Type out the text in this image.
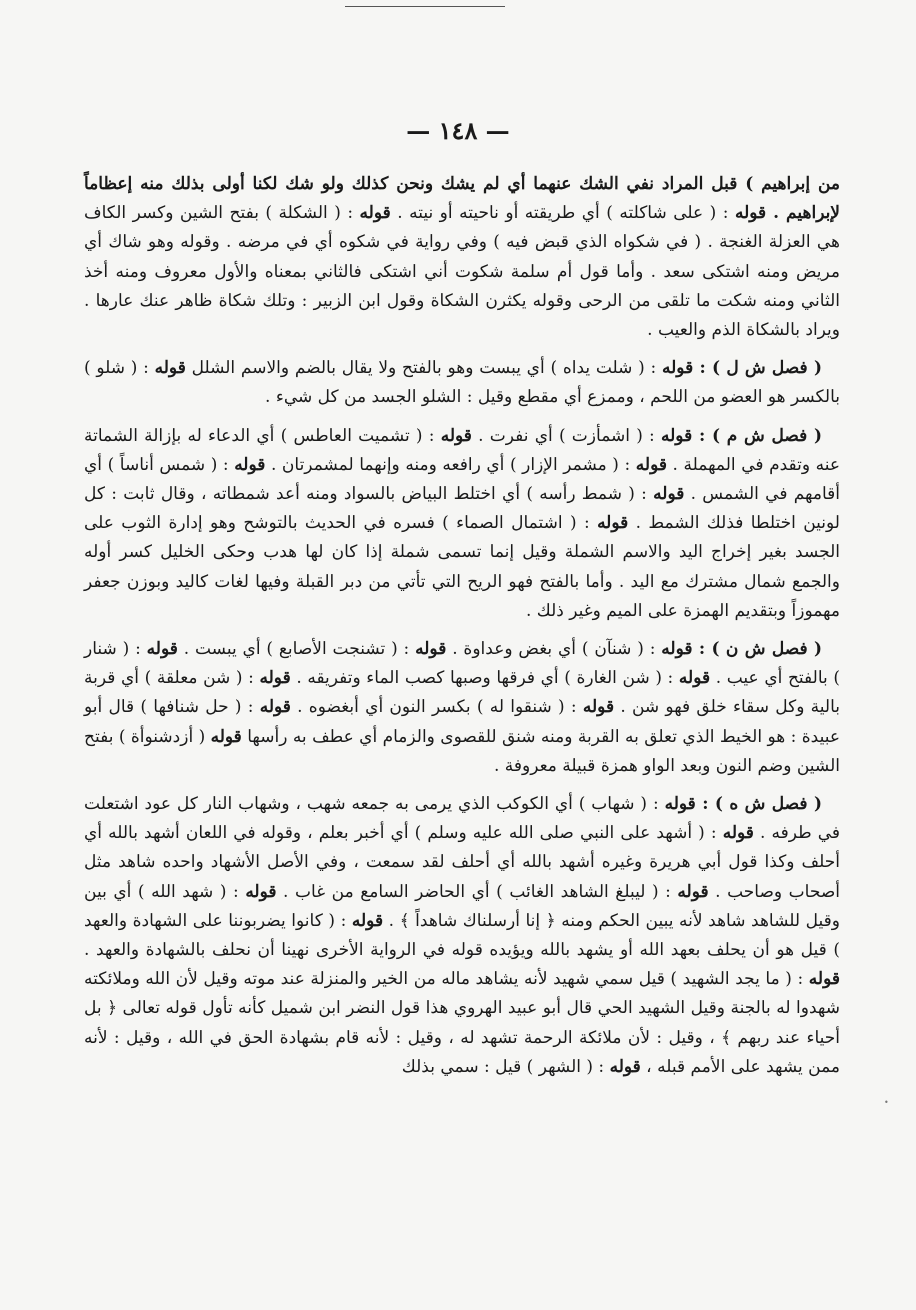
— ١٤٨ —

من إبراهيم ) قبل المراد نفي الشك عنهما أي لم يشك ونحن كذلك ولو شك لكنا أولى بذلك منه إعظاماً لإبراهيم . قوله : ( على شاكلته ) أي طريقته أو ناحيته أو نيته . قوله : ( الشكلة ) بفتح الشين وكسر الكاف هي العزلة الغنجة . ( في شكواه الذي قبض فيه ) وفي رواية في شكوه أي في مرضه . وقوله وهو شاك أي مريض ومنه اشتكى سعد . وأما قول أم سلمة شكوت أني اشتكى فالثاني بمعناه والأول معروف ومنه أخذ الثاني ومنه شكت ما تلقى من الرحى وقوله يكثرن الشكاة وقول ابن الزبير : وتلك شكاة ظاهر عنك عارها . ويراد بالشكاة الذم والعيب .

( فصل ش ل ) : قوله : ( شلت يداه ) أي يبست وهو بالفتح ولا يقال بالضم والاسم الشلل قوله : ( شلو ) بالكسر هو العضو من اللحم ، وممزع أي مقطع وقيل : الشلو الجسد من كل شيء .

( فصل ش م ) : قوله : ( اشمأزت ) أي نفرت . قوله : ( تشميت العاطس ) أي الدعاء له بإزالة الشماتة عنه وتقدم في المهملة . قوله : ( مشمر الإزار ) أي رافعه ومنه وإنهما لمشمرتان . قوله : ( شمس أناساً ) أي أقامهم في الشمس . قوله : ( شمط رأسه ) أي اختلط البياض بالسواد ومنه أعد شمطاته ، وقال ثابت : كل لونين اختلطا فذلك الشمط . قوله : ( اشتمال الصماء ) فسره في الحديث بالتوشح وهو إدارة الثوب على الجسد بغير إخراج اليد والاسم الشملة وقيل إنما تسمى شملة إذا كان لها هدب وحكى الخليل كسر أوله والجمع شمال مشترك مع اليد . وأما بالفتح فهو الريح التي تأتي من دبر القبلة وفيها لغات كاليد وبوزن جعفر مهموزاً وبتقديم الهمزة على الميم وغير ذلك .

( فصل ش ن ) : قوله : ( شنآن ) أي بغض وعداوة . قوله : ( تشنجت الأصابع ) أي يبست . قوله : ( شنار ) بالفتح أي عيب . قوله : ( شن الغارة ) أي فرقها وصبها كصب الماء وتفريقه . قوله : ( شن معلقة ) أي قربة بالية وكل سقاء خلق فهو شن . قوله : ( شنقوا له ) بكسر النون أي أبغضوه . قوله : ( حل شنافها ) قال أبو عبيدة : هو الخيط الذي تعلق به القربة ومنه شنق للقصوى والزمام أي عطف به رأسها قوله ( أزدشنوأة ) بفتح الشين وضم النون وبعد الواو همزة قبيلة معروفة .

( فصل ش ه ) : قوله : ( شهاب ) أي الكوكب الذي يرمى به جمعه شهب ، وشهاب النار كل عود اشتعلت في طرفه . قوله : ( أشهد على النبي صلى الله عليه وسلم ) أي أخبر بعلم ، وقوله في اللعان أشهد بالله أي أحلف وكذا قول أبي هريرة وغيره أشهد بالله أي أحلف لقد سمعت ، وفي الأصل الأشهاد واحده شاهد مثل أصحاب وصاحب . قوله : ( ليبلغ الشاهد الغائب ) أي الحاضر السامع من غاب . قوله : ( شهد الله ) أي بين وقيل للشاهد شاهد لأنه يبين الحكم ومنه ﴿ إنا أرسلناك شاهداً ﴾ . قوله : ( كانوا يضربوننا على الشهادة والعهد ) قيل هو أن يحلف بعهد الله أو يشهد بالله ويؤيده قوله في الرواية الأخرى نهينا أن نحلف بالشهادة والعهد . قوله : ( ما يجد الشهيد ) قيل سمي شهيد لأنه يشاهد ماله من الخير والمنزلة عند موته وقيل لأن الله وملائكته شهدوا له بالجنة وقيل الشهيد الحي قال أبو عبيد الهروي هذا قول النضر ابن شميل كأنه تأول قوله تعالى ﴿ بل أحياء عند ربهم ﴾ ، وقيل : لأن ملائكة الرحمة تشهد له ، وقيل : لأنه قام بشهادة الحق في الله ، وقيل : لأنه ممن يشهد على الأمم قبله ، قوله : ( الشهر ) قيل : سمي بذلك

•
